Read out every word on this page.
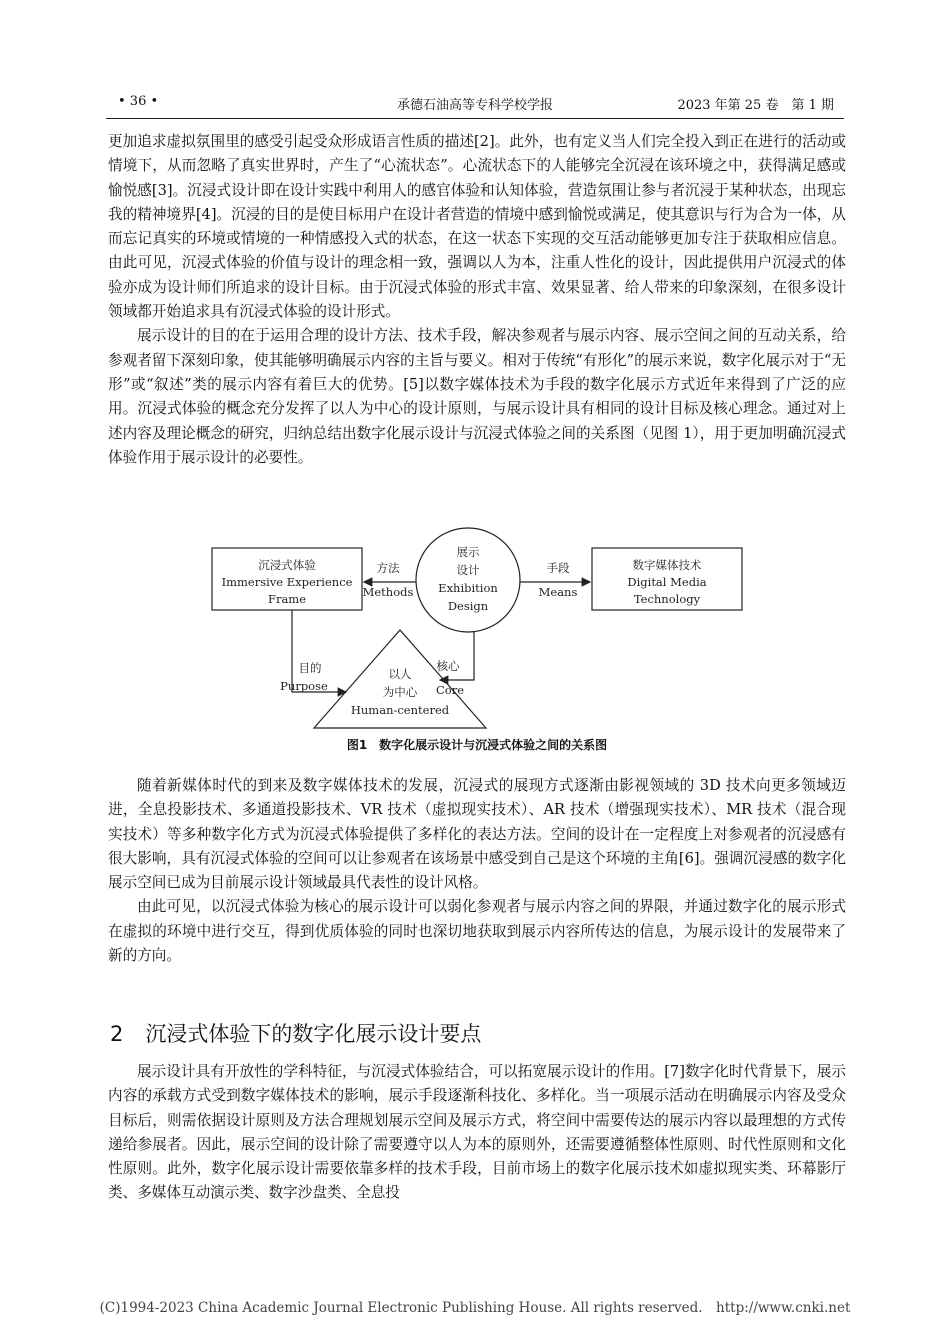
• 36 •	承德石油高等专科学校学报	2023 年第 25 卷　第 1 期

更加追求虚拟氛围里的感受引起受众形成语言性质的描述[2]。此外，也有定义当人们完全投入到正在进行的活动或情境下，从而忽略了真实世界时，产生了“心流状态”。心流状态下的人能够完全沉浸在该环境之中，获得满足感或愉悦感[3]。沉浸式设计即在设计实践中利用人的感官体验和认知体验，营造氛围让参与者沉浸于某种状态，出现忘我的精神境界[4]。沉浸的目的是使目标用户在设计者营造的情境中感到愉悦或满足，使其意识与行为合为一体，从而忘记真实的环境或情境的一种情感投入式的状态，在这一状态下实现的交互活动能够更加专注于获取相应信息。由此可见，沉浸式体验的价值与设计的理念相一致，强调以人为本，注重人性化的设计，因此提供用户沉浸式的体验亦成为设计师们所追求的设计目标。由于沉浸式体验的形式丰富、效果显著、给人带来的印象深刻，在很多设计领域都开始追求具有沉浸式体验的设计形式。

展示设计的目的在于运用合理的设计方法、技术手段，解决参观者与展示内容、展示空间之间的互动关系，给参观者留下深刻印象，使其能够明确展示内容的主旨与要义。相对于传统“有形化”的展示来说，数字化展示对于“无形”或“叙述”类的展示内容有着巨大的优势。[5]以数字媒体技术为手段的数字化展示方式近年来得到了广泛的应用。沉浸式体验的概念充分发挥了以人为中心的设计原则，与展示设计具有相同的设计目标及核心理念。通过对上述内容及理论概念的研究，归纳总结出数字化展示设计与沉浸式体验之间的关系图（见图 1），用于更加明确沉浸式体验作用于展示设计的必要性。

沉浸式体验
Immersive Experience
Frame
展示
设计
Exhibition
Design
数字媒体技术
Digital Media
Technology
方法
Methods
手段
Means
以人
为中心
Human-centered
目的
Purpose
核心
Core
图1　数字化展示设计与沉浸式体验之间的关系图

随着新媒体时代的到来及数字媒体技术的发展，沉浸式的展现方式逐渐由影视领域的 3D 技术向更多领域迈进，全息投影技术、多通道投影技术、VR 技术（虚拟现实技术）、AR 技术（增强现实技术）、MR 技术（混合现实技术）等多种数字化方式为沉浸式体验提供了多样化的表达方法。空间的设计在一定程度上对参观者的沉浸感有很大影响，具有沉浸式体验的空间可以让参观者在该场景中感受到自己是这个环境的主角[6]。强调沉浸感的数字化展示空间已成为目前展示设计领域最具代表性的设计风格。

由此可见，以沉浸式体验为核心的展示设计可以弱化参观者与展示内容之间的界限，并通过数字化的展示形式在虚拟的环境中进行交互，得到优质体验的同时也深切地获取到展示内容所传达的信息，为展示设计的发展带来了新的方向。

2 沉浸式体验下的数字化展示设计要点

展示设计具有开放性的学科特征，与沉浸式体验结合，可以拓宽展示设计的作用。[7]数字化时代背景下，展示内容的承载方式受到数字媒体技术的影响，展示手段逐渐科技化、多样化。当一项展示活动在明确展示内容及受众目标后，则需依据设计原则及方法合理规划展示空间及展示方式，将空间中需要传达的展示内容以最理想的方式传递给参展者。因此，展示空间的设计除了需要遵守以人为本的原则外，还需要遵循整体性原则、时代性原则和文化性原则。此外，数字化展示设计需要依靠多样的技术手段，目前市场上的数字化展示技术如虚拟现实类、环幕影厅类、多媒体互动演示类、数字沙盘类、全息投

(C)1994-2023 China Academic Journal Electronic Publishing House. All rights reserved.　http://www.cnki.net
